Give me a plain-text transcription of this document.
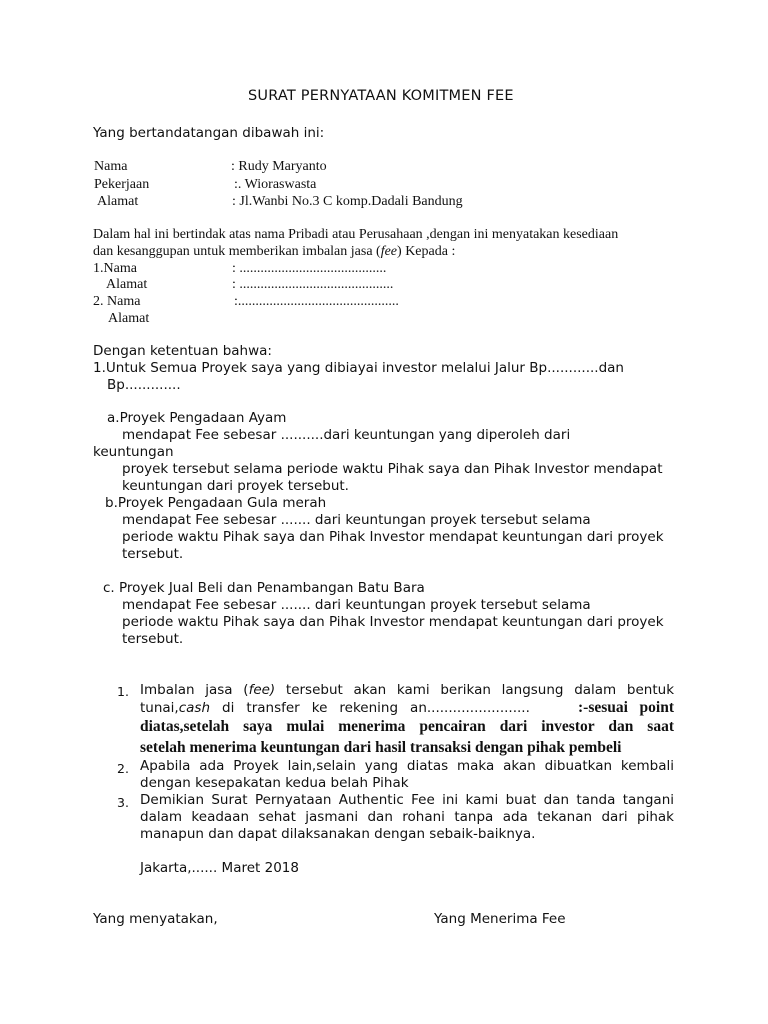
SURAT PERNYATAAN KOMITMEN FEE
Yang bertandatangan dibawah ini:
Nama	: Rudy Maryanto
Pekerjaan	:. Wioraswasta
Alamat	: Jl.Wanbi No.3 C komp.Dadali Bandung
Dalam hal ini bertindak atas nama Pribadi atau Perusahaan ,dengan ini menyatakan kesediaan
dan kesanggupan untuk memberikan imbalan jasa (fee) Kepada :
1.Nama	: ..........................................
Alamat	: ............................................
2. Nama	:..............................................
Alamat
Dengan ketentuan bahwa:
1.Untuk Semua Proyek saya yang dibiayai investor melalui Jalur Bp............dan
Bp.............
a.Proyek Pengadaan Ayam
mendapat Fee sebesar ..........dari keuntungan yang diperoleh dari
keuntungan
proyek tersebut selama periode waktu Pihak saya dan Pihak Investor mendapat
keuntungan dari proyek tersebut.
b.Proyek Pengadaan Gula merah
mendapat Fee sebesar ....... dari keuntungan proyek tersebut selama
periode waktu Pihak saya dan Pihak Investor mendapat keuntungan dari proyek
tersebut.
c. Proyek Jual Beli dan Penambangan Batu Bara
mendapat Fee sebesar ....... dari keuntungan proyek tersebut selama
periode waktu Pihak saya dan Pihak Investor mendapat keuntungan dari proyek
tersebut.
1. Imbalan jasa (fee) tersebut akan kami berikan langsung dalam bentuk
tunai,cash di transfer ke rekening an........................	:-sesuai point
diatas,setelah saya mulai menerima pencairan dari investor dan saat
setelah menerima keuntungan dari hasil transaksi dengan pihak pembeli
2. Apabila ada Proyek lain,selain yang diatas maka akan dibuatkan kembali
dengan kesepakatan kedua belah Pihak
3. Demikian Surat Pernyataan Authentic Fee ini kami buat dan tanda tangani
dalam keadaan sehat jasmani dan rohani tanpa ada tekanan dari pihak
manapun dan dapat dilaksanakan dengan sebaik-baiknya.
Jakarta,...... Maret 2018
Yang menyatakan,	Yang Menerima Fee
